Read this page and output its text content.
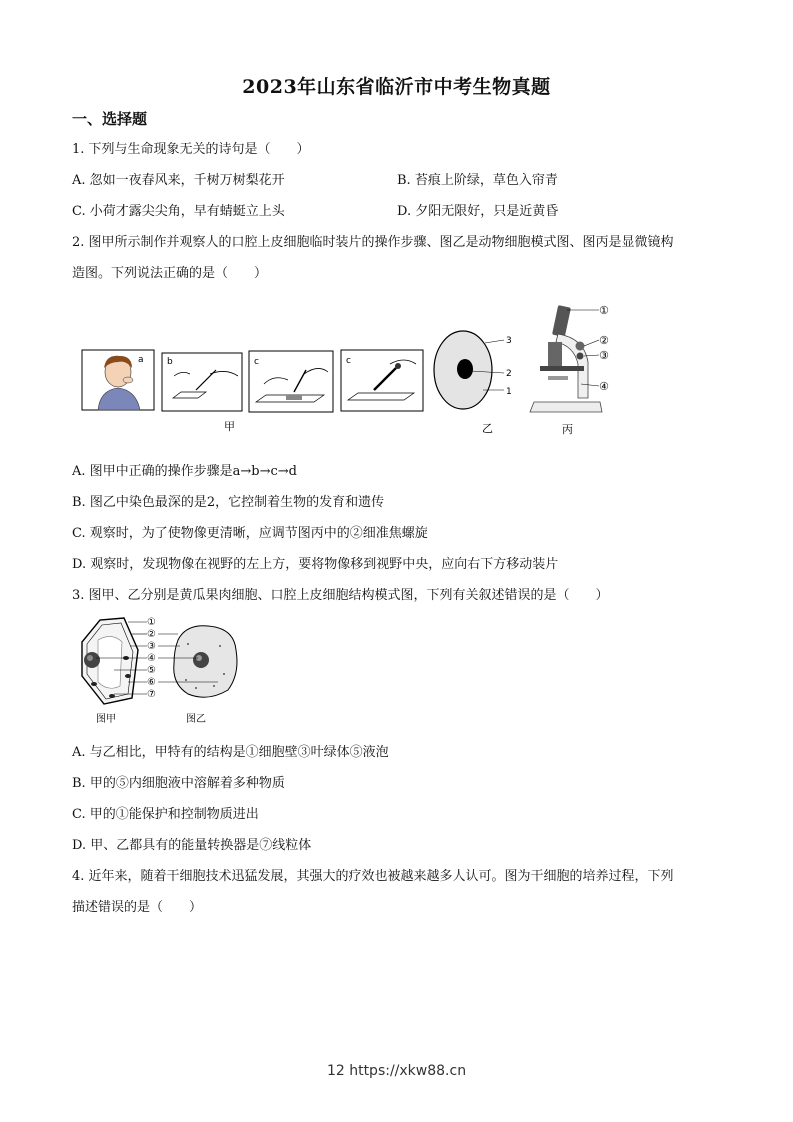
2023年山东省临沂市中考生物真题
一、选择题
1. 下列与生命现象无关的诗句是（　　）
A. 忽如一夜春风来，千树万树梨花开	B. 苔痕上阶绿，草色入帘青
C. 小荷才露尖尖角，早有蜻蜓立上头	D. 夕阳无限好，只是近黄昏
2. 图甲所示制作并观察人的口腔上皮细胞临时装片的操作步骤、图乙是动物细胞模式图、图丙是显微镜构
造图。下列说法正确的是（　　）
a	b	c	c
甲
3
2
1
乙
①
②
③
④
丙
A. 图甲中正确的操作步骤是a→b→c→d
B. 图乙中染色最深的是2，它控制着生物的发育和遗传
C. 观察时，为了使物像更清晰，应调节图丙中的②细准焦螺旋
D. 观察时，发现物像在视野的左上方，要将物像移到视野中央，应向右下方移动装片
3. 图甲、乙分别是黄瓜果肉细胞、口腔上皮细胞结构模式图，下列有关叙述错误的是（　　）
①
②
③
④
⑤
⑥
⑦
图甲	图乙
A. 与乙相比，甲特有的结构是①细胞壁③叶绿体⑤液泡
B. 甲的⑤内细胞液中溶解着多种物质
C. 甲的①能保护和控制物质进出
D. 甲、乙都具有的能量转换器是⑦线粒体
4. 近年来，随着干细胞技术迅猛发展，其强大的疗效也被越来越多人认可。图为干细胞的培养过程，下列
描述错误的是（　　）
12 https://xkw88.cn
